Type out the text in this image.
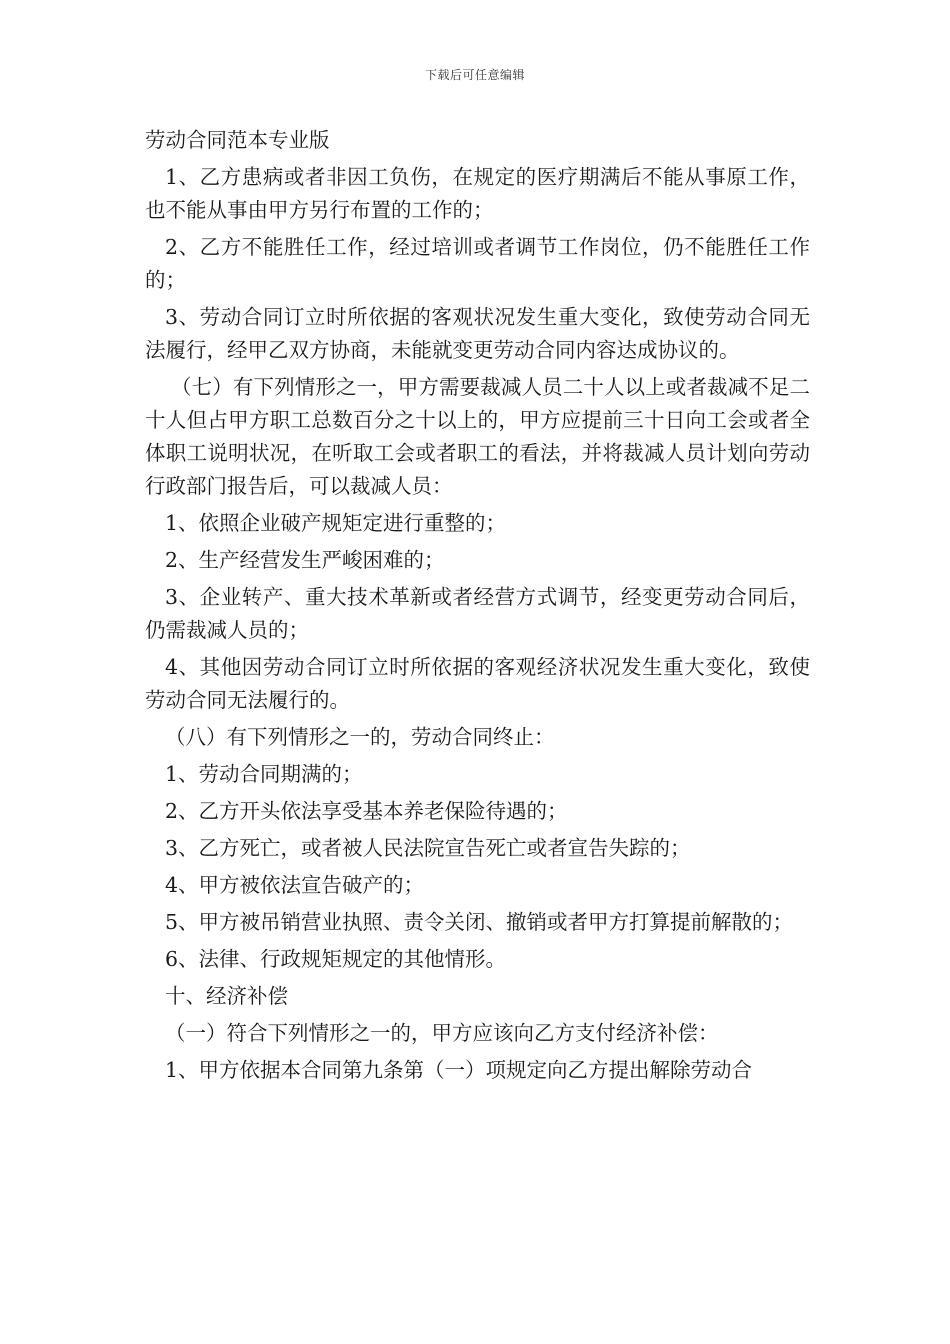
下载后可任意编辑
劳动合同范本专业版
1、乙方患病或者非因工负伤，在规定的医疗期满后不能从事原工作，也不能从事由甲方另行布置的工作的；
2、乙方不能胜任工作，经过培训或者调节工作岗位，仍不能胜任工作的；
3、劳动合同订立时所依据的客观状况发生重大变化，致使劳动合同无法履行，经甲乙双方协商，未能就变更劳动合同内容达成协议的。
（七）有下列情形之一，甲方需要裁减人员二十人以上或者裁减不足二十人但占甲方职工总数百分之十以上的，甲方应提前三十日向工会或者全体职工说明状况，在听取工会或者职工的看法，并将裁减人员计划向劳动行政部门报告后，可以裁减人员：
1、依照企业破产规矩定进行重整的；
2、生产经营发生严峻困难的；
3、企业转产、重大技术革新或者经营方式调节，经变更劳动合同后，仍需裁减人员的；
4、其他因劳动合同订立时所依据的客观经济状况发生重大变化，致使劳动合同无法履行的。
（八）有下列情形之一的，劳动合同终止：
1、劳动合同期满的；
2、乙方开头依法享受基本养老保险待遇的；
3、乙方死亡，或者被人民法院宣告死亡或者宣告失踪的；
4、甲方被依法宣告破产的；
5、甲方被吊销营业执照、责令关闭、撤销或者甲方打算提前解散的；
6、法律、行政规矩规定的其他情形。
十、经济补偿
（一）符合下列情形之一的，甲方应该向乙方支付经济补偿：
1、甲方依据本合同第九条第（一）项规定向乙方提出解除劳动合
